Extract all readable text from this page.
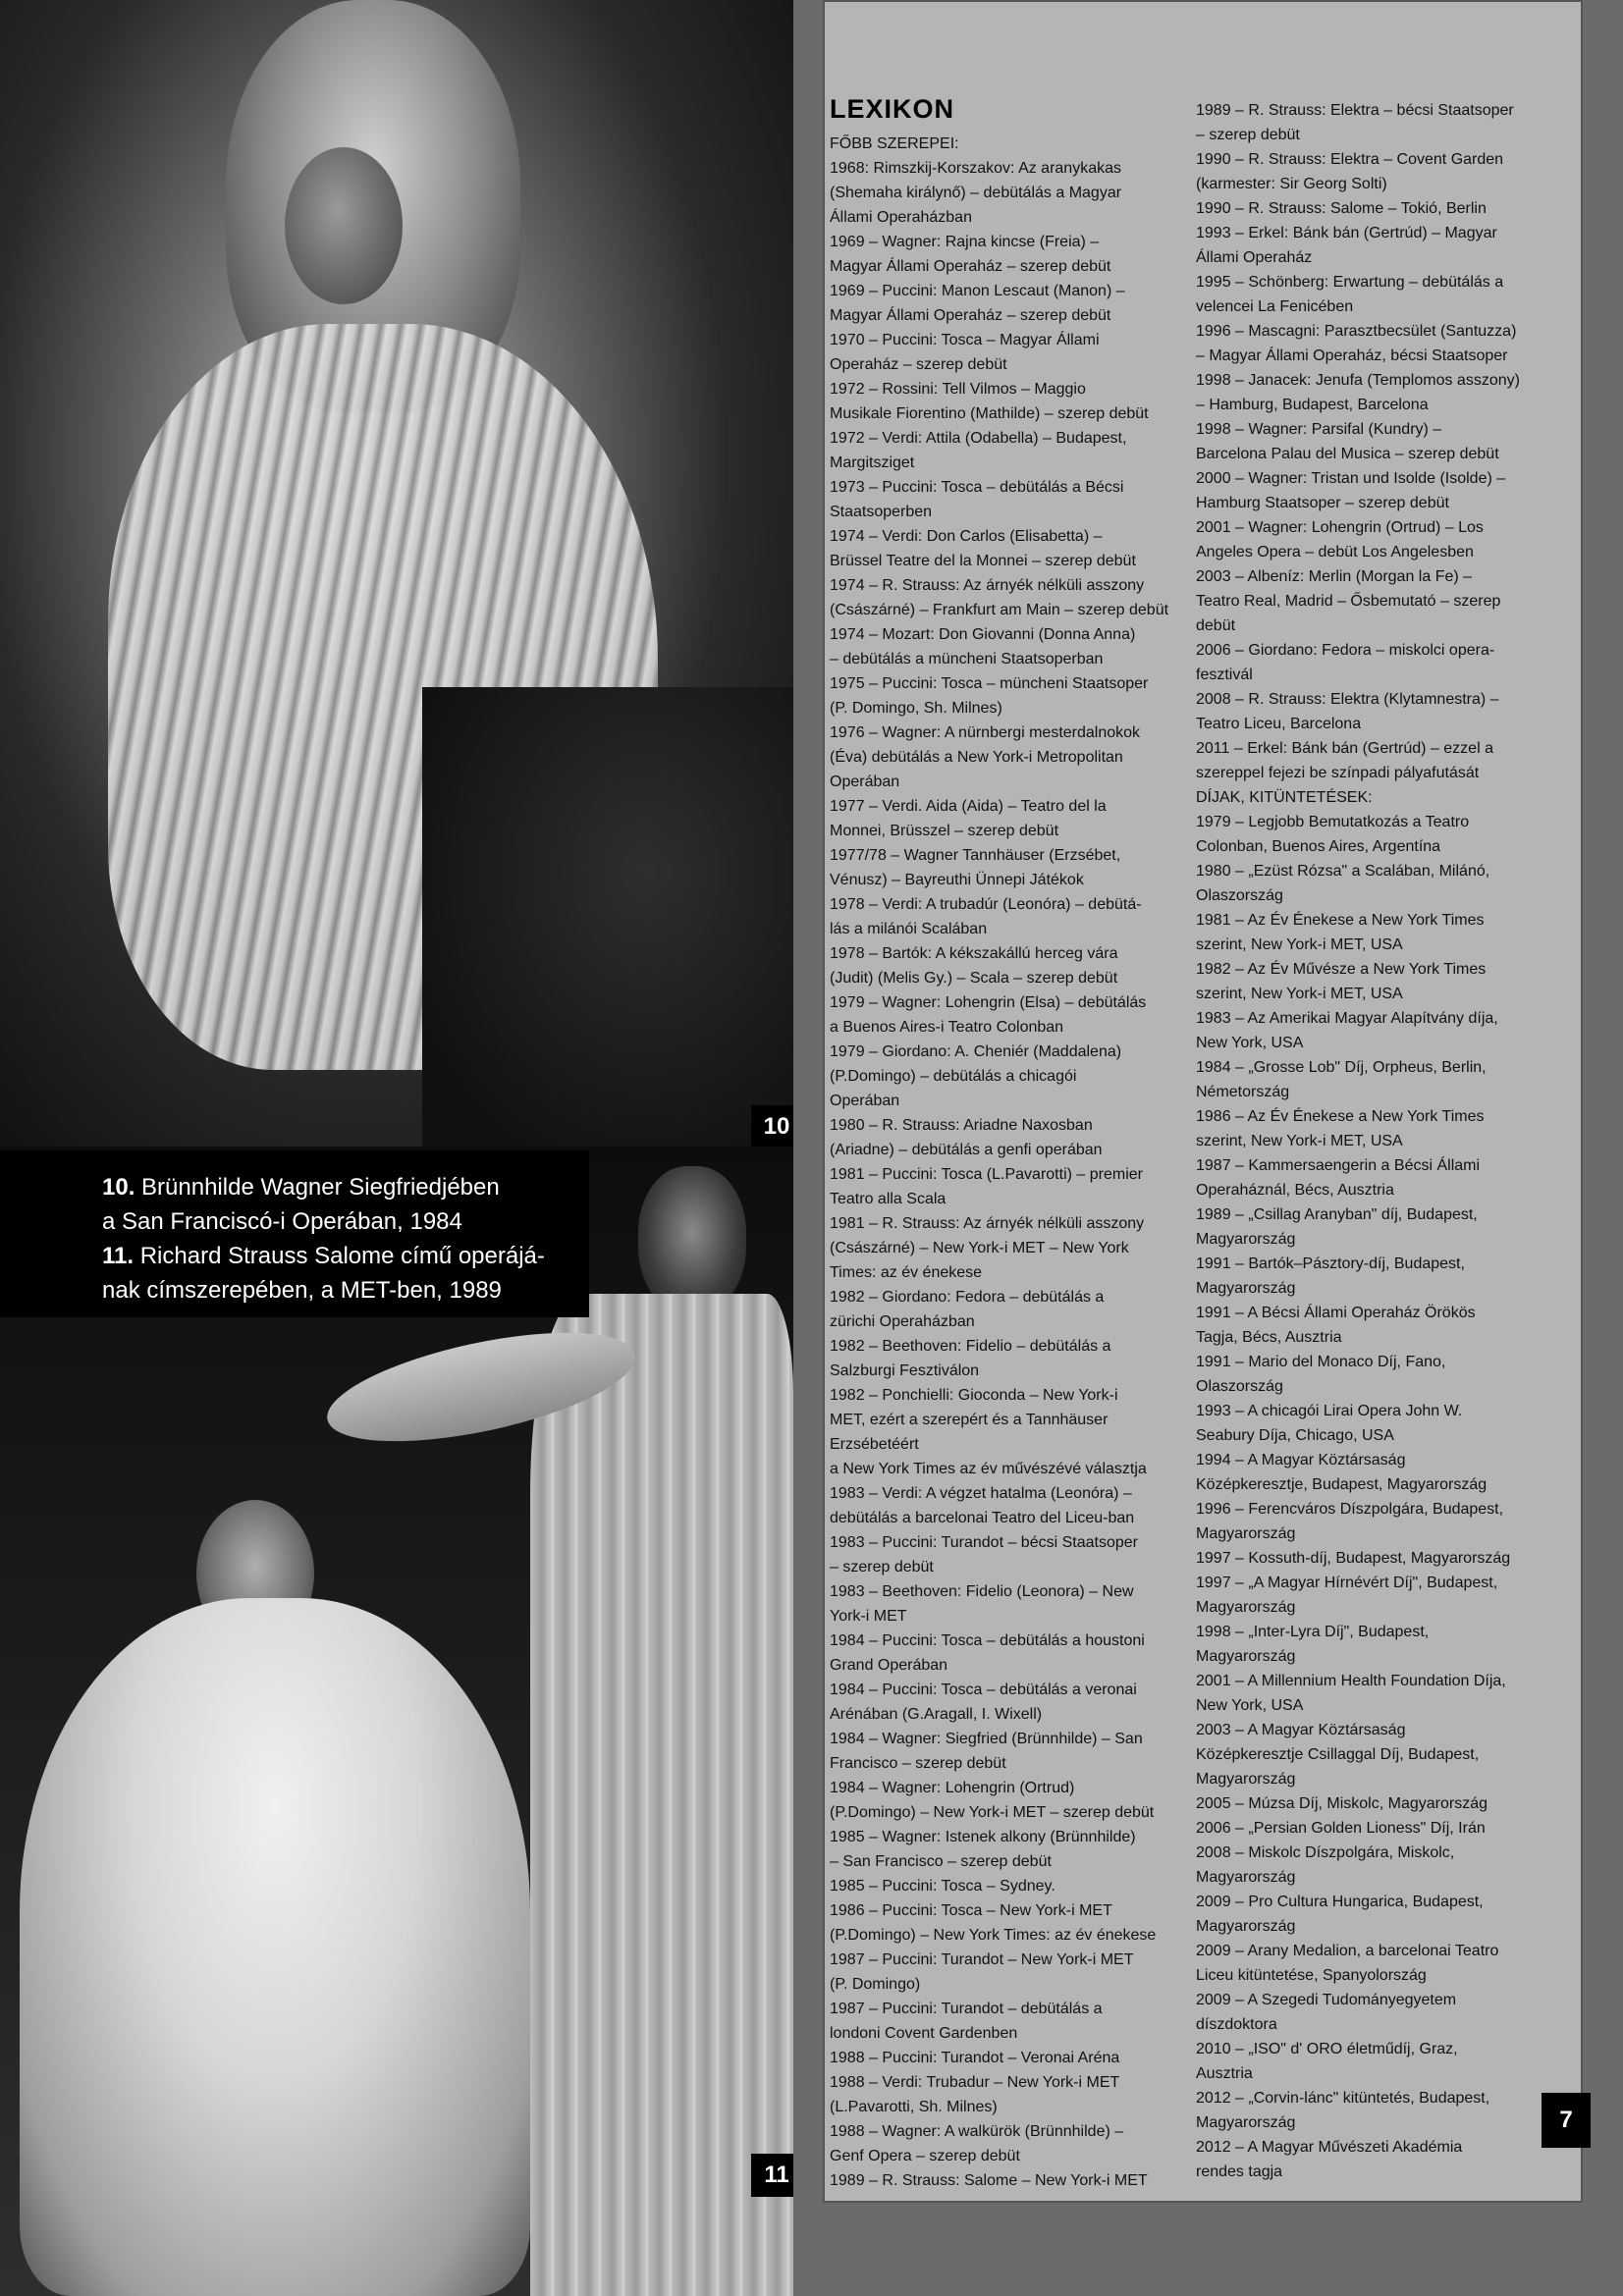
10
10. Brünnhilde Wagner Siegfriedjében
a San Franciscó-i Operában, 1984
11. Richard Strauss Salome című operájá-
nak címszerepében, a MET-ben, 1989
11
LEXIKON
FŐBB SZEREPEI:
1968: Rimszkij-Korszakov: Az aranykakas
(Shemaha királynő) – debütálás a Magyar
Állami Operaházban
1969 – Wagner: Rajna kincse (Freia) –
Magyar Állami Operaház – szerep debüt
1969 – Puccini: Manon Lescaut (Manon) –
Magyar Állami Operaház – szerep debüt
1970 – Puccini: Tosca – Magyar Állami
Operaház – szerep debüt
1972 – Rossini: Tell Vilmos – Maggio
Musikale Fiorentino (Mathilde) – szerep debüt
1972 – Verdi: Attila (Odabella) – Budapest,
Margitsziget
1973 – Puccini: Tosca – debütálás a Bécsi
Staatsoperben
1974 – Verdi: Don Carlos (Elisabetta) –
Brüssel Teatre del la Monnei – szerep debüt
1974 – R. Strauss: Az árnyék nélküli asszony
(Császárné) – Frankfurt am Main – szerep debüt
1974 – Mozart: Don Giovanni (Donna Anna)
– debütálás a müncheni Staatsoperban
1975 – Puccini: Tosca – müncheni Staatsoper
(P. Domingo, Sh. Milnes)
1976 – Wagner: A nürnbergi mesterdalnokok
(Éva) debütálás a New York-i Metropolitan
Operában
1977 – Verdi. Aida (Aida) – Teatro del la
Monnei, Brüsszel – szerep debüt
1977/78 – Wagner Tannhäuser (Erzsébet,
Vénusz) – Bayreuthi Ünnepi Játékok
1978 – Verdi: A trubadúr (Leonóra) – debütá-
lás a milánói Scalában
1978 – Bartók: A kékszakállú herceg vára
(Judit) (Melis Gy.) – Scala – szerep debüt
1979 – Wagner: Lohengrin (Elsa) – debütálás
a Buenos Aires-i Teatro Colonban
1979 – Giordano: A. Cheniér (Maddalena)
(P.Domingo) – debütálás a chicagói
Operában
1980 – R. Strauss: Ariadne Naxosban
(Ariadne) – debütálás a genfi operában
1981 – Puccini: Tosca (L.Pavarotti) – premier
Teatro alla Scala
1981 – R. Strauss: Az árnyék nélküli asszony
(Császárné) – New York-i MET – New York
Times: az év énekese
1982 – Giordano: Fedora – debütálás a
zürichi Operaházban
1982 – Beethoven: Fidelio – debütálás a
Salzburgi Fesztiválon
1982 – Ponchielli: Gioconda – New York-i
MET, ezért a szerepért és a Tannhäuser
Erzsébetéért
a New York Times az év művészévé választja
1983 – Verdi: A végzet hatalma (Leonóra) –
debütálás a barcelonai Teatro del Liceu-ban
1983 – Puccini: Turandot – bécsi Staatsoper
– szerep debüt
1983 – Beethoven: Fidelio (Leonora) – New
York-i MET
1984 – Puccini: Tosca – debütálás a houstoni
Grand Operában
1984 – Puccini: Tosca – debütálás a veronai
Arénában (G.Aragall, I. Wixell)
1984 – Wagner: Siegfried (Brünnhilde) – San
Francisco – szerep debüt
1984 – Wagner: Lohengrin (Ortrud)
(P.Domingo) – New York-i MET – szerep debüt
1985 – Wagner: Istenek alkony (Brünnhilde)
– San Francisco – szerep debüt
1985 – Puccini: Tosca – Sydney.
1986 – Puccini: Tosca – New York-i MET
(P.Domingo) – New York Times: az év énekese
1987 – Puccini: Turandot – New York-i MET
(P. Domingo)
1987 – Puccini: Turandot – debütálás a
londoni Covent Gardenben
1988 – Puccini: Turandot – Veronai Aréna
1988 – Verdi: Trubadur – New York-i MET
(L.Pavarotti, Sh. Milnes)
1988 – Wagner: A walkürök (Brünnhilde) –
Genf Opera – szerep debüt
1989 – R. Strauss: Salome – New York-i MET
1989 – R. Strauss: Elektra – bécsi Staatsoper
– szerep debüt
1990 – R. Strauss: Elektra – Covent Garden
(karmester: Sir Georg Solti)
1990 – R. Strauss: Salome – Tokió, Berlin
1993 – Erkel: Bánk bán (Gertrúd) – Magyar
Állami Operaház
1995 – Schönberg: Erwartung – debütálás a
velencei La Fenicében
1996 – Mascagni: Parasztbecsület (Santuzza)
– Magyar Állami Operaház, bécsi Staatsoper
1998 – Janacek: Jenufa (Templomos asszony)
– Hamburg, Budapest, Barcelona
1998 – Wagner: Parsifal (Kundry) –
Barcelona Palau del Musica – szerep debüt
2000 – Wagner: Tristan und Isolde (Isolde) –
Hamburg Staatsoper – szerep debüt
2001 – Wagner: Lohengrin (Ortrud) – Los
Angeles Opera – debüt Los Angelesben
2003 – Albeníz: Merlin (Morgan la Fe) –
Teatro Real, Madrid – Ősbemutató – szerep
debüt
2006 – Giordano: Fedora – miskolci opera-
fesztivál
2008 – R. Strauss: Elektra (Klytamnestra) –
Teatro Liceu, Barcelona
2011 – Erkel: Bánk bán (Gertrúd) – ezzel a
szereppel fejezi be színpadi pályafutását
DÍJAK, KITÜNTETÉSEK:
1979 – Legjobb Bemutatkozás a Teatro
Colonban, Buenos Aires, Argentína
1980 – „Ezüst Rózsa" a Scalában, Milánó,
Olaszország
1981 – Az Év Énekese a New York Times
szerint, New York-i MET, USA
1982 – Az Év Művésze a New York Times
szerint, New York-i MET, USA
1983 – Az Amerikai Magyar Alapítvány díja,
New York, USA
1984 – „Grosse Lob" Díj, Orpheus, Berlin,
Németország
1986 – Az Év Énekese a New York Times
szerint, New York-i MET, USA
1987 – Kammersaengerin a Bécsi Állami
Operaháznál, Bécs, Ausztria
1989 – „Csillag Aranyban" díj, Budapest,
Magyarország
1991 – Bartók–Pásztory-díj, Budapest,
Magyarország
1991 – A Bécsi Állami Operaház Örökös
Tagja, Bécs, Ausztria
1991 – Mario del Monaco Díj, Fano,
Olaszország
1993 – A chicagói Lirai Opera John W.
Seabury Díja, Chicago, USA
1994 – A Magyar Köztársaság
Középkeresztje, Budapest, Magyarország
1996 – Ferencváros Díszpolgára, Budapest,
Magyarország
1997 – Kossuth-díj, Budapest, Magyarország
1997 – „A Magyar Hírnévért Díj", Budapest,
Magyarország
1998 – „Inter-Lyra Díj", Budapest,
Magyarország
2001 – A Millennium Health Foundation Díja,
New York, USA
2003 – A Magyar Köztársaság
Középkeresztje Csillaggal Díj, Budapest,
Magyarország
2005 – Múzsa Díj, Miskolc, Magyarország
2006 – „Persian Golden Lioness" Díj, Irán
2008 – Miskolc Díszpolgára, Miskolc,
Magyarország
2009 – Pro Cultura Hungarica, Budapest,
Magyarország
2009 – Arany Medalion, a barcelonai Teatro
Liceu kitüntetése, Spanyolország
2009 – A Szegedi Tudományegyetem
díszdoktora
2010 – „ISO" d' ORO életműdíj, Graz,
Ausztria
2012 – „Corvin-lánc" kitüntetés, Budapest,
Magyarország
2012 – A Magyar Művészeti Akadémia
rendes tagja
7
